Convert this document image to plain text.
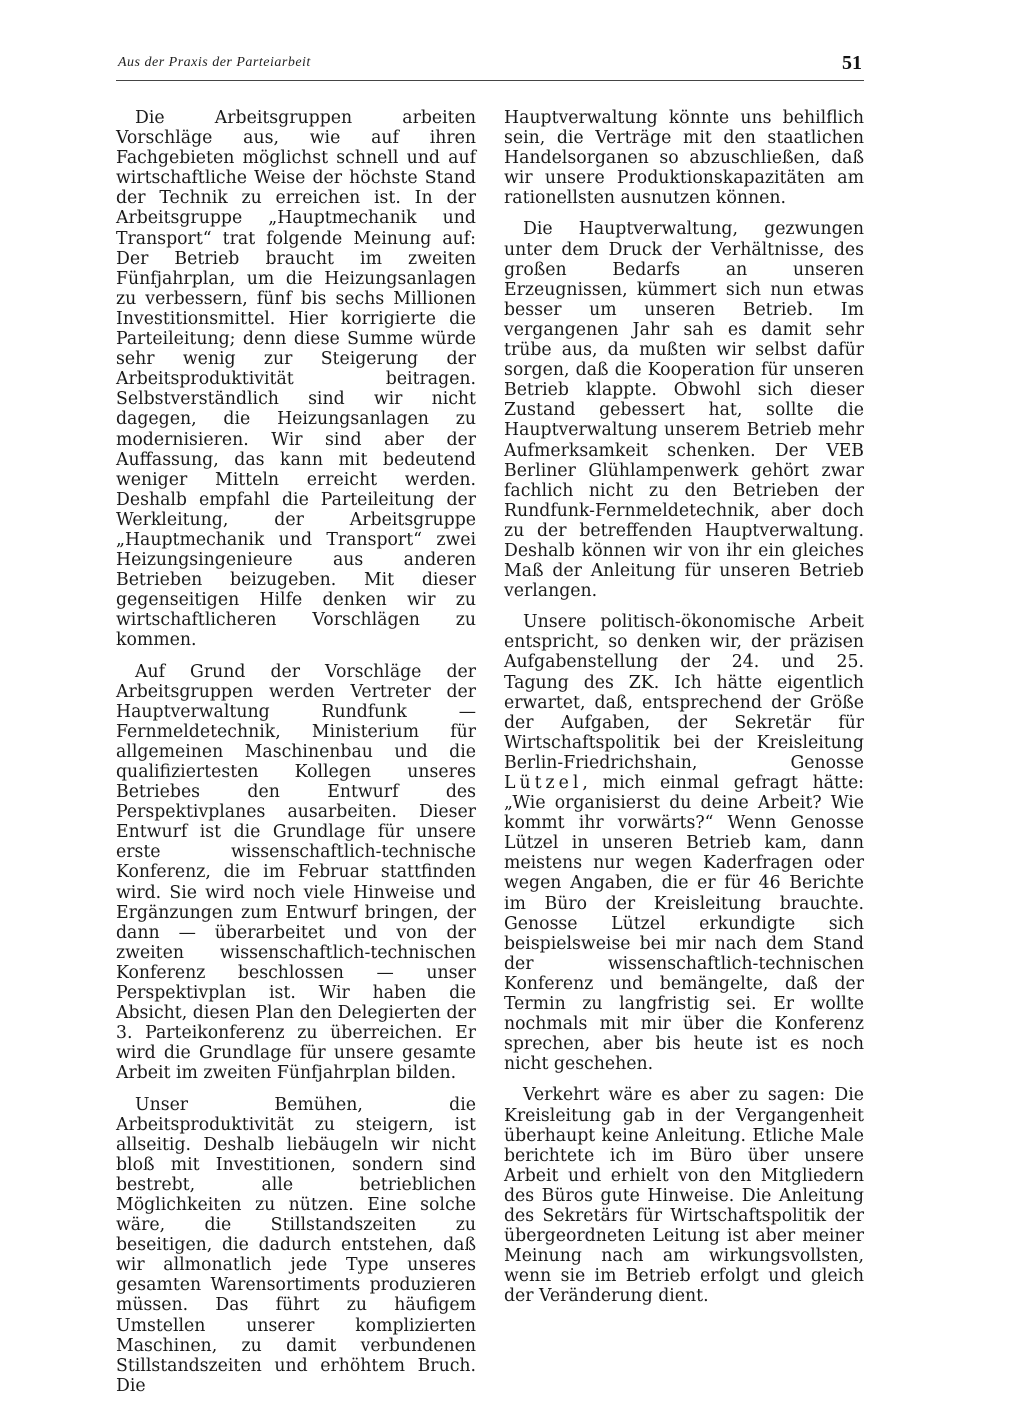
Aus der Praxis der Parteiarbeit	51

Die Arbeitsgruppen arbeiten Vorschläge aus, wie auf ihren Fachgebieten möglichst schnell und auf wirtschaftliche Weise der höchste Stand der Technik zu erreichen ist. In der Arbeitsgruppe „Hauptmechanik und Transport“ trat folgende Meinung auf: Der Betrieb braucht im zweiten Fünfjahrplan, um die Heizungsanlagen zu verbessern, fünf bis sechs Millionen Investitionsmittel. Hier korrigierte die Parteileitung; denn diese Summe würde sehr wenig zur Steigerung der Arbeitsproduktivität beitragen. Selbstverständlich sind wir nicht dagegen, die Heizungsanlagen zu modernisieren. Wir sind aber der Auffassung, das kann mit bedeutend weniger Mitteln erreicht werden. Deshalb empfahl die Parteileitung der Werkleitung, der Arbeitsgruppe „Hauptmechanik und Transport“ zwei Heizungsingenieure aus anderen Betrieben beizugeben. Mit dieser gegenseitigen Hilfe denken wir zu wirtschaftlicheren Vorschlägen zu kommen.

Auf Grund der Vorschläge der Arbeitsgruppen werden Vertreter der Hauptverwaltung Rundfunk — Fernmeldetechnik, Ministerium für allgemeinen Maschinenbau und die qualifiziertesten Kollegen unseres Betriebes den Entwurf des Perspektivplanes ausarbeiten. Dieser Entwurf ist die Grundlage für unsere erste wissenschaftlich-technische Konferenz, die im Februar stattfinden wird. Sie wird noch viele Hinweise und Ergänzungen zum Entwurf bringen, der dann — überarbeitet und von der zweiten wissenschaftlich-technischen Konferenz beschlossen — unser Perspektivplan ist. Wir haben die Absicht, diesen Plan den Delegierten der 3. Parteikonferenz zu überreichen. Er wird die Grundlage für unsere gesamte Arbeit im zweiten Fünfjahrplan bilden.

Unser Bemühen, die Arbeitsproduktivität zu steigern, ist allseitig. Deshalb liebäugeln wir nicht bloß mit Investitionen, sondern sind bestrebt, alle betrieblichen Möglichkeiten zu nützen. Eine solche wäre, die Stillstandszeiten zu beseitigen, die dadurch entstehen, daß wir allmonatlich jede Type unseres gesamten Warensortiments produzieren müssen. Das führt zu häufigem Umstellen unserer komplizierten Maschinen, zu damit verbundenen Stillstandszeiten und erhöhtem Bruch. Die

Hauptverwaltung könnte uns behilflich sein, die Verträge mit den staatlichen Handelsorganen so abzuschließen, daß wir unsere Produktionskapazitäten am rationellsten ausnutzen können.

Die Hauptverwaltung, gezwungen unter dem Druck der Verhältnisse, des großen Bedarfs an unseren Erzeugnissen, kümmert sich nun etwas besser um unseren Betrieb. Im vergangenen Jahr sah es damit sehr trübe aus, da mußten wir selbst dafür sorgen, daß die Kooperation für unseren Betrieb klappte. Obwohl sich dieser Zustand gebessert hat, sollte die Hauptverwaltung unserem Betrieb mehr Aufmerksamkeit schenken. Der VEB Berliner Glühlampenwerk gehört zwar fachlich nicht zu den Betrieben der Rundfunk-Fernmeldetechnik, aber doch zu der betreffenden Hauptverwaltung. Deshalb können wir von ihr ein gleiches Maß der Anleitung für unseren Betrieb verlangen.

Unsere politisch-ökonomische Arbeit entspricht, so denken wir, der präzisen Aufgabenstellung der 24. und 25. Tagung des ZK. Ich hätte eigentlich erwartet, daß, entsprechend der Größe der Aufgaben, der Sekretär für Wirtschaftspolitik bei der Kreisleitung Berlin-Friedrichshain, Genosse Lützel, mich einmal gefragt hätte: „Wie organisierst du deine Arbeit? Wie kommt ihr vorwärts?“ Wenn Genosse Lützel in unseren Betrieb kam, dann meistens nur wegen Kaderfragen oder wegen Angaben, die er für 46 Berichte im Büro der Kreisleitung brauchte. Genosse Lützel erkundigte sich beispielsweise bei mir nach dem Stand der wissenschaftlich-technischen Konferenz und bemängelte, daß der Termin zu langfristig sei. Er wollte nochmals mit mir über die Konferenz sprechen, aber bis heute ist es noch nicht geschehen.

Verkehrt wäre es aber zu sagen: Die Kreisleitung gab in der Vergangenheit überhaupt keine Anleitung. Etliche Male berichtete ich im Büro über unsere Arbeit und erhielt von den Mitgliedern des Büros gute Hinweise. Die Anleitung des Sekretärs für Wirtschaftspolitik der übergeordneten Leitung ist aber meiner Meinung nach am wirkungsvollsten, wenn sie im Betrieb erfolgt und gleich der Veränderung dient.
